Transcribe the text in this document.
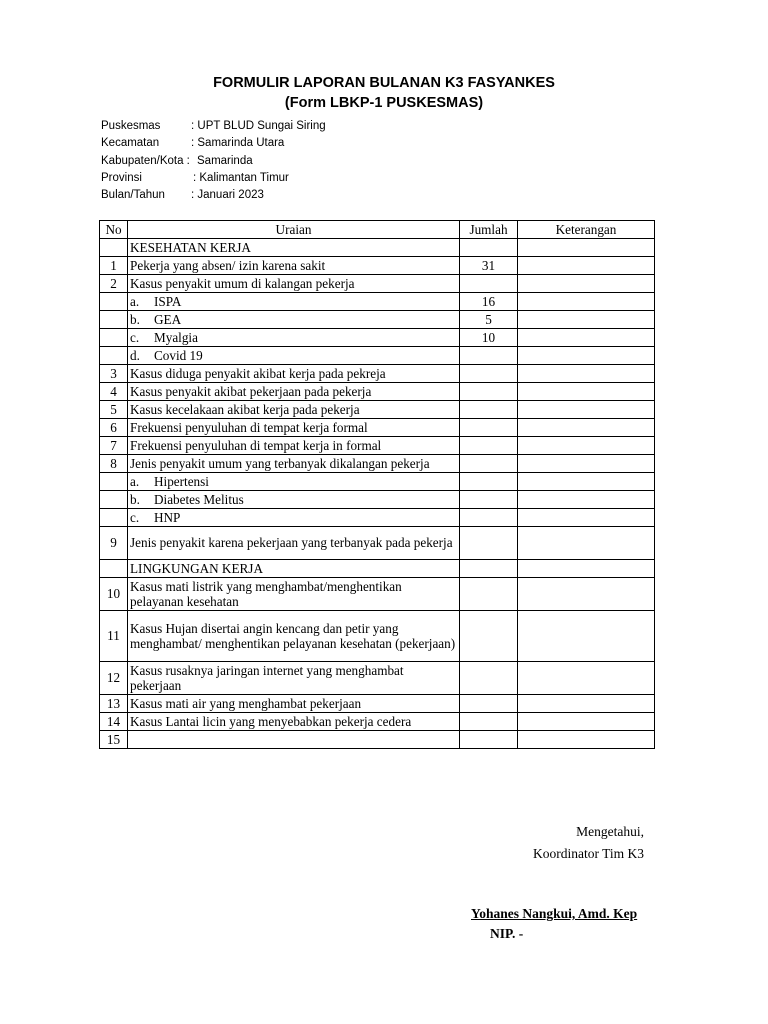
FORMULIR LAPORAN BULANAN K3 FASYANKES
(Form LBKP-1 PUSKESMAS)
Puskesmas	: UPT BLUD Sungai Siring
Kecamatan	: Samarinda Utara
Kabupaten/Kota : Samarinda
Provinsi	: Kalimantan Timur
Bulan/Tahun : Januari 2023
No	Uraian	Jumlah	Keterangan
	KESEHATAN KERJA		
1	Pekerja yang absen/ izin karena sakit	31	
2	Kasus penyakit umum di kalangan pekerja		
	a. ISPA	16	
	b. GEA	5	
	c. Myalgia	10	
	d. Covid 19		
3	Kasus diduga penyakit akibat kerja pada pekreja		
4	Kasus penyakit akibat pekerjaan pada pekerja		
5	Kasus kecelakaan akibat kerja pada pekerja		
6	Frekuensi penyuluhan di tempat kerja formal		
7	Frekuensi penyuluhan di tempat kerja in formal		
8	Jenis penyakit umum yang terbanyak dikalangan pekerja		
	a. Hipertensi		
	b. Diabetes Melitus		
	c. HNP		
9	Jenis penyakit karena pekerjaan yang terbanyak pada pekerja		
	LINGKUNGAN KERJA		
10	Kasus mati listrik yang menghambat/menghentikan pelayanan kesehatan		
11	Kasus Hujan disertai angin kencang dan petir yang menghambat/ menghentikan pelayanan kesehatan (pekerjaan)		
12	Kasus rusaknya jaringan internet yang menghambat pekerjaan		
13	Kasus mati air yang menghambat pekerjaan		
14	Kasus Lantai licin yang menyebabkan pekerja cedera		
15			
Mengetahui,
Koordinator Tim K3
Yohanes Nangkui, Amd. Kep
NIP. -
